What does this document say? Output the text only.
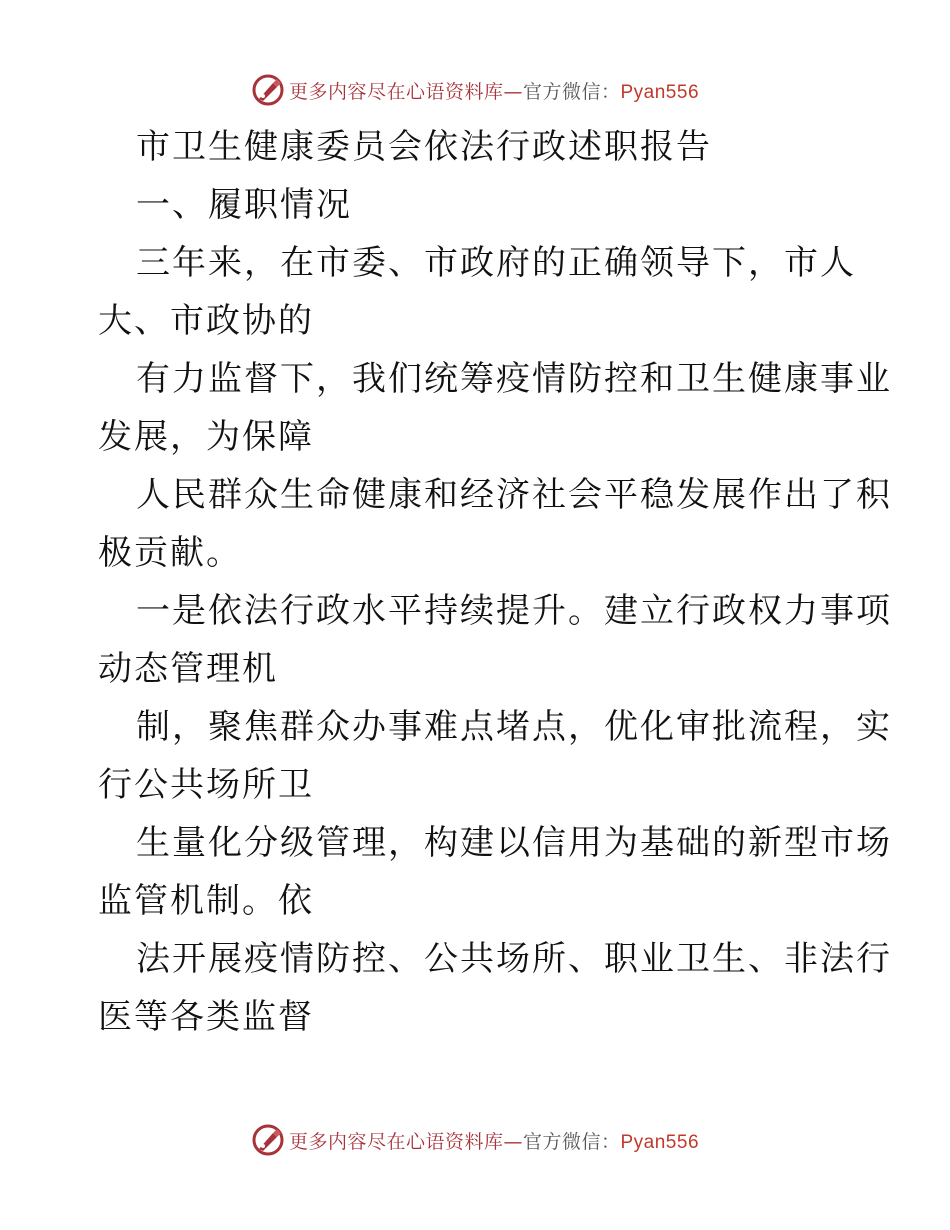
更多内容尽在心语资料库—官方微信：Pyan556
市卫生健康委员会依法行政述职报告
一、履职情况
三年来，在市委、市政府的正确领导下，市人
大、市政协的
有力监督下，我们统筹疫情防控和卫生健康事业
发展，为保障
人民群众生命健康和经济社会平稳发展作出了积
极贡献。
一是依法行政水平持续提升。建立行政权力事项
动态管理机
制，聚焦群众办事难点堵点，优化审批流程，实
行公共场所卫
生量化分级管理，构建以信用为基础的新型市场
监管机制。依
法开展疫情防控、公共场所、职业卫生、非法行
医等各类监督
更多内容尽在心语资料库—官方微信：Pyan556
